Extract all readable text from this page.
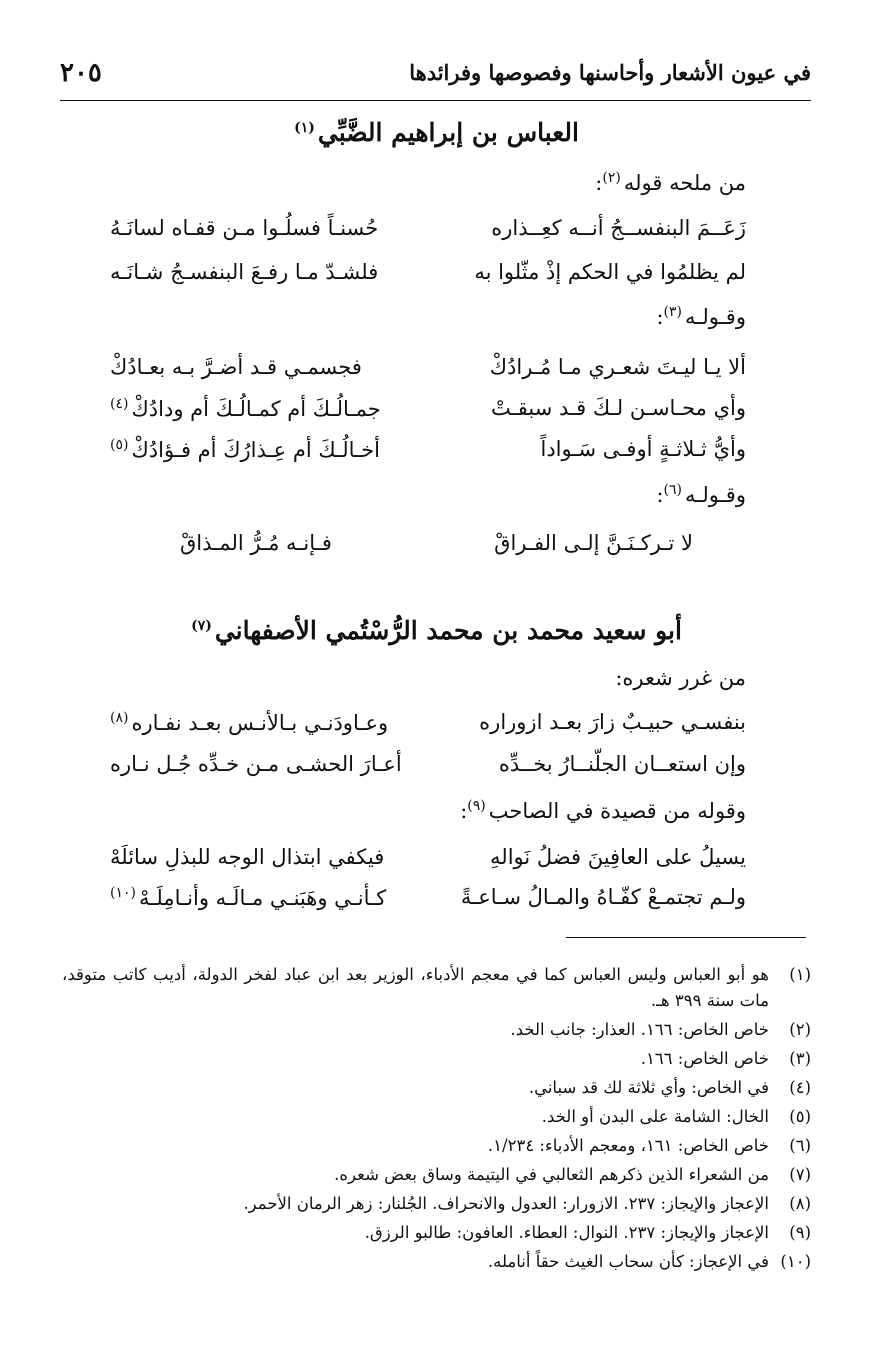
في عيون الأشعار وأحاسنها وفصوصها وفرائدها
٢٠٥
العباس بن إبراهيم الضَّبِّي$^{(١)}$
من ملحه قوله$^{(٢)}$:
زَعَــمَ البنفســجُ أنــه كعِــذاره
حُسنـاً فسلُـوا مـن قفـاه لسانَـهُ
لم يظلمُوا في الحكم إذْ مثّلوا به
فلشـدّ مـا رفـعَ البنفسـجُ شـانَـه
وقـولـه$^{(٣)}$:
ألا يـا ليـتَ شعـري مـا مُـرادُكْ
فجسمـي قـد أضـرَّ بـه بعـادُكْ
وأي محـاسـن لـكَ قـد سبقـتْ
جمـالُـكَ أم كمـالُـكَ أم ودادُكْ$^{(٤)}$
وأيُّ ثـلاثـةٍ أوفـى سَـواداً
أخـالُـكَ أم عِـذارُكَ أم فـؤادُكْ$^{(٥)}$
وقـولـه$^{(٦)}$:
لا تـركـنَـنَّ إلـى الفـراقْ
فـإنـه مُـرُّ المـذاقْ
أبو سعيد محمد بن محمد الرُّسْتُمي الأصفهاني$^{(٧)}$
من غرر شعره:
بنفسـي حبيـبٌ زارَ بعـد ازوراره
وعـاودَنـي بـالأنـس بعـد نفـاره$^{(٨)}$
وإن استعــان الجلّنــارُ بخــدِّه
أعـارَ الحشـى مـن خـدِّه جُـل نـاره
وقوله من قصيدة في الصاحب$^{(٩)}$:
يسيلُ على العافِينَ فضلُ نَوالهِ
فيكفي ابتذال الوجه للبذلِ سائلَهْ
ولـم تجتمـعْ كفّـاهُ والمـالُ سـاعـةً
كـأنـي وهَبَنـي مـالَـه وأنـامِلَـهْ$^{(١٠)}$
(١)
هو أبو العباس وليس العباس كما في معجم الأدباء، الوزير بعد ابن عباد لفخر الدولة، أديب كاتب متوقد، مات سنة ٣٩٩ هـ.
(٢)
خاص الخاص: ١٦٦. العذار: جانب الخد.
(٣)
خاص الخاص: ١٦٦.
(٤)
في الخاص: وأي ثلاثة لك قد سباني.
(٥)
الخال: الشامة على البدن أو الخد.
(٦)
خاص الخاص: ١٦١، ومعجم الأدباء: ١/٢٣٤.
(٧)
من الشعراء الذين ذكرهم الثعالبي في اليتيمة وساق بعض شعره.
(٨)
الإعجاز والإيجاز: ٢٣٧. الازورار: العدول والانحراف. الجُلنار: زهر الرمان الأحمر.
(٩)
الإعجاز والإيجاز: ٢٣٧. النوال: العطاء. العافون: طالبو الرزق.
(١٠)
في الإعجاز: كأن سحاب الغيث حقاً أنامله.
